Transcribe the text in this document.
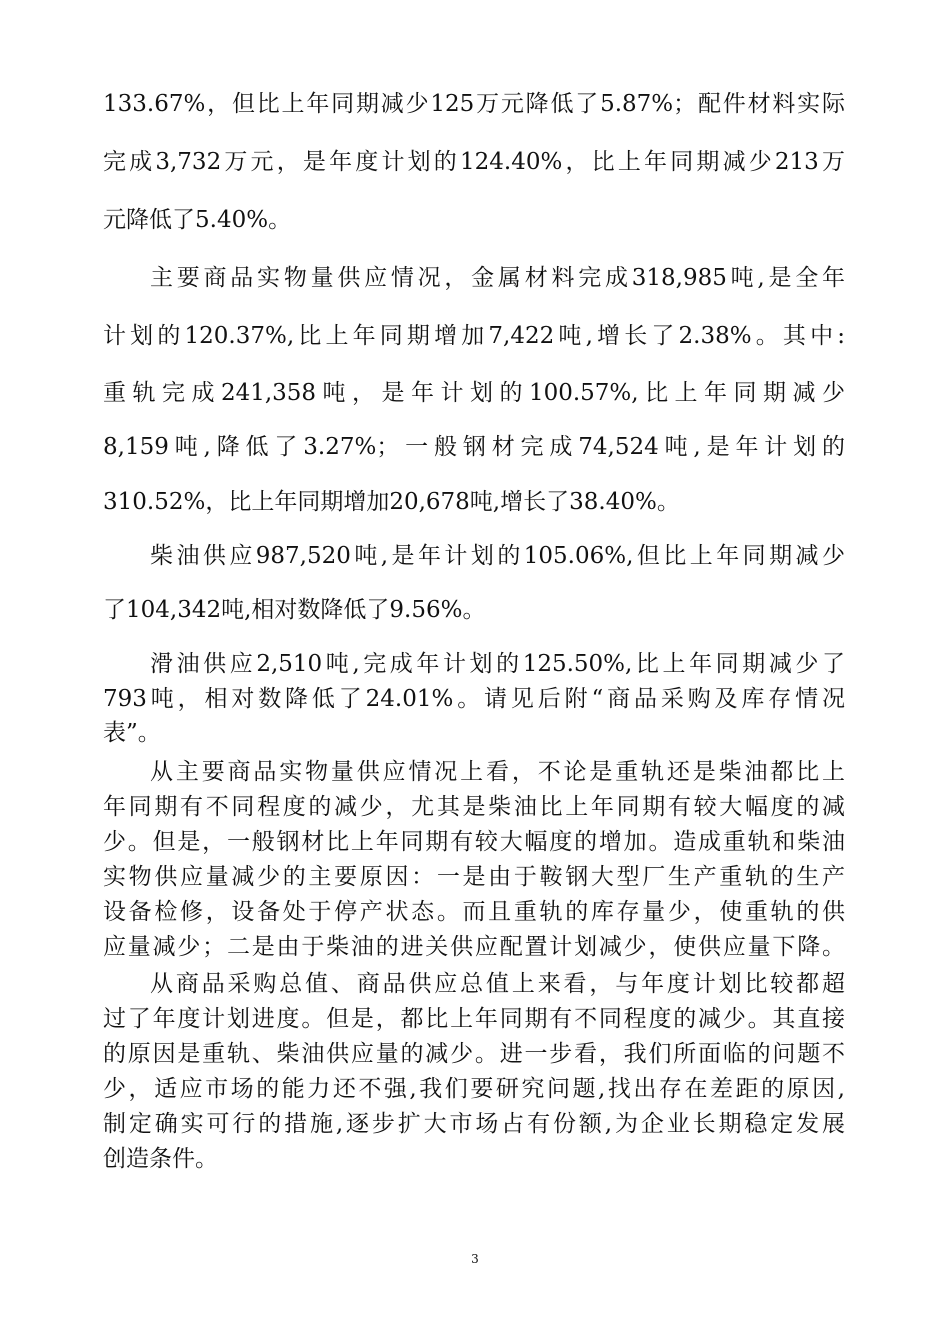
133.67%，但比上年同期减少125万元降低了5.87%；配件材料实际
完成3,732万元，是年度计划的124.40%，比上年同期减少213万
元降低了5.40%。
主要商品实物量供应情况，金属材料完成318,985吨,是全年
计划的120.37%,比上年同期增加7,422吨,增长了2.38%。其中:
重轨完成241,358吨，是年计划的100.57%,比上年同期减少
8,159吨,降低了3.27%；一般钢材完成74,524吨,是年计划的
310.52%，比上年同期增加20,678吨,增长了38.40%。
柴油供应987,520吨,是年计划的105.06%,但比上年同期减少
了104,342吨,相对数降低了9.56%。
滑油供应2,510吨,完成年计划的125.50%,比上年同期减少了
793吨，相对数降低了24.01%。请见后附“商品采购及库存情况
表”。
从主要商品实物量供应情况上看，不论是重轨还是柴油都比上
年同期有不同程度的减少，尤其是柴油比上年同期有较大幅度的减
少。但是，一般钢材比上年同期有较大幅度的增加。造成重轨和柴油
实物供应量减少的主要原因：一是由于鞍钢大型厂生产重轨的生产
设备检修，设备处于停产状态。而且重轨的库存量少，使重轨的供
应量减少；二是由于柴油的进关供应配置计划减少，使供应量下降。
从商品采购总值、商品供应总值上来看，与年度计划比较都超
过了年度计划进度。但是，都比上年同期有不同程度的减少。其直接
的原因是重轨、柴油供应量的减少。进一步看，我们所面临的问题不
少，适应市场的能力还不强,我们要研究问题,找出存在差距的原因,
制定确实可行的措施,逐步扩大市场占有份额,为企业长期稳定发展
创造条件。
3
